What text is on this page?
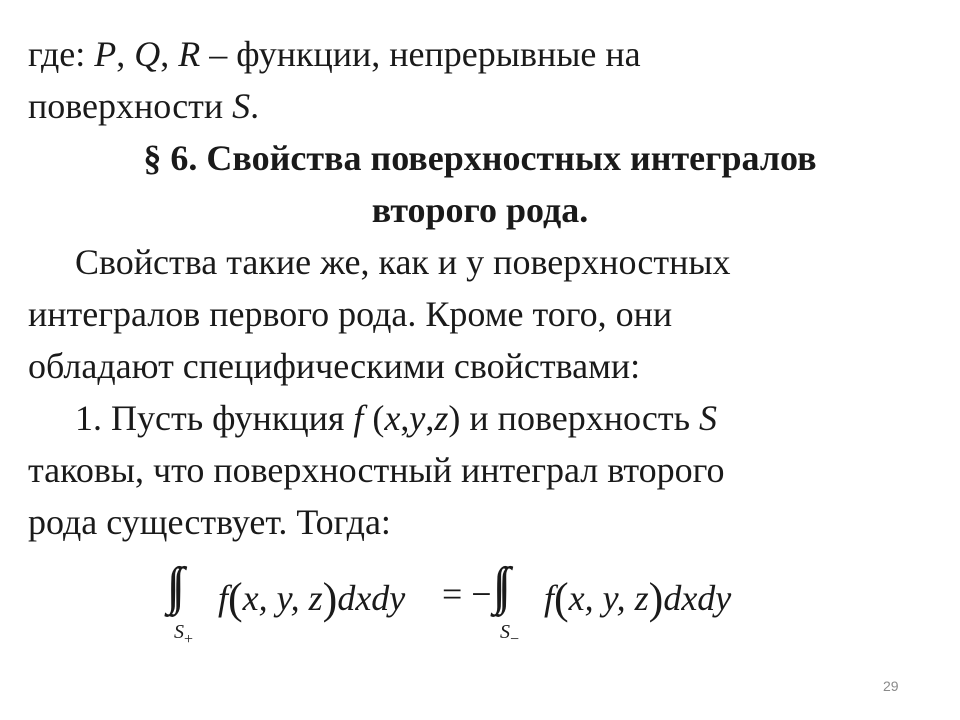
где: P, Q, R – функции, непрерывные на
поверхности S.
§ 6. Свойства поверхностных интегралов
второго рода.
Свойства такие же, как и у поверхностных
интегралов первого рода. Кроме того, они
обладают специфическими свойствами:
1. Пусть функция f (x,y,z) и поверхность S
таковы, что поверхностный интеграл второго
рода существует. Тогда:
$S_+$
f(x, y, z)dxdy = −
$S_-$
f(x, y, z)dxdy
29
